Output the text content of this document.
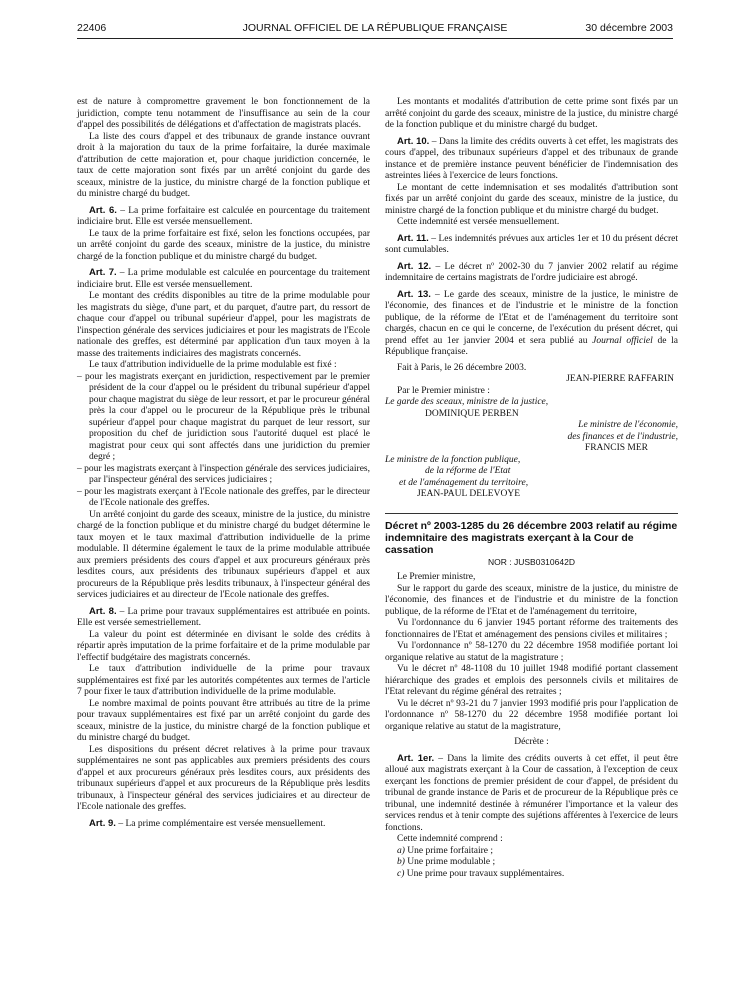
22406	JOURNAL OFFICIEL DE LA RÉPUBLIQUE FRANÇAISE	30 décembre 2003

est de nature à compromettre gravement le bon fonctionnement de la juridiction, compte tenu notamment de l'insuffisance au sein de la cour d'appel des possibilités de délégations et d'affectation de magistrats placés.

La liste des cours d'appel et des tribunaux de grande instance ouvrant droit à la majoration du taux de la prime forfaitaire, la durée maximale d'attribution de cette majoration et, pour chaque juridiction concernée, le taux de cette majoration sont fixés par un arrêté conjoint du garde des sceaux, ministre de la justice, du ministre chargé de la fonction publique et du ministre chargé du budget.

Art. 6. – La prime forfaitaire est calculée en pourcentage du traitement indiciaire brut. Elle est versée mensuellement.

Le taux de la prime forfaitaire est fixé, selon les fonctions occupées, par un arrêté conjoint du garde des sceaux, ministre de la justice, du ministre chargé de la fonction publique et du ministre chargé du budget.

Art. 7. – La prime modulable est calculée en pourcentage du traitement indiciaire brut. Elle est versée mensuellement.

Le montant des crédits disponibles au titre de la prime modulable pour les magistrats du siège, d'une part, et du parquet, d'autre part, du ressort de chaque cour d'appel ou tribunal supérieur d'appel, pour les magistrats de l'inspection générale des services judiciaires et pour les magistrats de l'Ecole nationale des greffes, est déterminé par application d'un taux moyen à la masse des traitements indiciaires des magistrats concernés.

Le taux d'attribution individuelle de la prime modulable est fixé :

– pour les magistrats exerçant en juridiction, respectivement par le premier président de la cour d'appel ou le président du tribunal supérieur d'appel pour chaque magistrat du siège de leur ressort, et par le procureur général près la cour d'appel ou le procureur de la République près le tribunal supérieur d'appel pour chaque magistrat du parquet de leur ressort, sur proposition du chef de juridiction sous l'autorité duquel est placé le magistrat pour ceux qui sont affectés dans une juridiction du premier degré ;
– pour les magistrats exerçant à l'inspection générale des services judiciaires, par l'inspecteur général des services judiciaires ;
– pour les magistrats exerçant à l'Ecole nationale des greffes, par le directeur de l'Ecole nationale des greffes.

Un arrêté conjoint du garde des sceaux, ministre de la justice, du ministre chargé de la fonction publique et du ministre chargé du budget détermine le taux moyen et le taux maximal d'attribution individuelle de la prime modulable. Il détermine également le taux de la prime modulable attribuée aux premiers présidents des cours d'appel et aux procureurs généraux près lesdites cours, aux présidents des tribunaux supérieurs d'appel et aux procureurs de la République près lesdits tribunaux, à l'inspecteur général des services judiciaires et au directeur de l'Ecole nationale des greffes.

Art. 8. – La prime pour travaux supplémentaires est attribuée en points. Elle est versée semestriellement.

La valeur du point est déterminée en divisant le solde des crédits à répartir après imputation de la prime forfaitaire et de la prime modulable par l'effectif budgétaire des magistrats concernés.

Le taux d'attribution individuelle de la prime pour travaux supplémentaires est fixé par les autorités compétentes aux termes de l'article 7 pour fixer le taux d'attribution individuelle de la prime modulable.

Le nombre maximal de points pouvant être attribués au titre de la prime pour travaux supplémentaires est fixé par un arrêté conjoint du garde des sceaux, ministre de la justice, du ministre chargé de la fonction publique et du ministre chargé du budget.

Les dispositions du présent décret relatives à la prime pour travaux supplémentaires ne sont pas applicables aux premiers présidents des cours d'appel et aux procureurs généraux près lesdites cours, aux présidents des tribunaux supérieurs d'appel et aux procureurs de la République près lesdits tribunaux, à l'inspecteur général des services judiciaires et au directeur de l'Ecole nationale des greffes.

Art. 9. – La prime complémentaire est versée mensuellement.

Les montants et modalités d'attribution de cette prime sont fixés par un arrêté conjoint du garde des sceaux, ministre de la justice, du ministre chargé de la fonction publique et du ministre chargé du budget.

Art. 10. – Dans la limite des crédits ouverts à cet effet, les magistrats des cours d'appel, des tribunaux supérieurs d'appel et des tribunaux de grande instance et de première instance peuvent bénéficier de l'indemnisation des astreintes liées à l'exercice de leurs fonctions.

Le montant de cette indemnisation et ses modalités d'attribution sont fixés par un arrêté conjoint du garde des sceaux, ministre de la justice, du ministre chargé de la fonction publique et du ministre chargé du budget.

Cette indemnité est versée mensuellement.

Art. 11. – Les indemnités prévues aux articles 1er et 10 du présent décret sont cumulables.

Art. 12. – Le décret nº 2002-30 du 7 janvier 2002 relatif au régime indemnitaire de certains magistrats de l'ordre judiciaire est abrogé.

Art. 13. – Le garde des sceaux, ministre de la justice, le ministre de l'économie, des finances et de l'industrie et le ministre de la fonction publique, de la réforme de l'Etat et de l'aménagement du territoire sont chargés, chacun en ce qui le concerne, de l'exécution du présent décret, qui prend effet au 1er janvier 2004 et sera publié au Journal officiel de la République française.

Fait à Paris, le 26 décembre 2003.

JEAN-PIERRE RAFFARIN

Par le Premier ministre :

Le garde des sceaux, ministre de la justice,

DOMINIQUE PERBEN

Le ministre de l'économie,

des finances et de l'industrie,

FRANCIS MER

Le ministre de la fonction publique,

de la réforme de l'Etat

et de l'aménagement du territoire,

JEAN-PAUL DELEVOYE

Décret nº 2003-1285 du 26 décembre 2003 relatif au régime indemnitaire des magistrats exerçant à la Cour de cassation
NOR : JUSB0310642D

Le Premier ministre,

Sur le rapport du garde des sceaux, ministre de la justice, du ministre de l'économie, des finances et de l'industrie et du ministre de la fonction publique, de la réforme de l'Etat et de l'aménagement du territoire,

Vu l'ordonnance du 6 janvier 1945 portant réforme des traitements des fonctionnaires de l'Etat et aménagement des pensions civiles et militaires ;

Vu l'ordonnance nº 58-1270 du 22 décembre 1958 modifiée portant loi organique relative au statut de la magistrature ;

Vu le décret nº 48-1108 du 10 juillet 1948 modifié portant classement hiérarchique des grades et emplois des personnels civils et militaires de l'Etat relevant du régime général des retraites ;

Vu le décret nº 93-21 du 7 janvier 1993 modifié pris pour l'application de l'ordonnance nº 58-1270 du 22 décembre 1958 modifiée portant loi organique relative au statut de la magistrature,

Décrète :

Art. 1er. – Dans la limite des crédits ouverts à cet effet, il peut être alloué aux magistrats exerçant à la Cour de cassation, à l'exception de ceux exerçant les fonctions de premier président de cour d'appel, de président du tribunal de grande instance de Paris et de procureur de la République près ce tribunal, une indemnité destinée à rémunérer l'importance et la valeur des services rendus et à tenir compte des sujétions afférentes à l'exercice de leurs fonctions.

Cette indemnité comprend :

a) Une prime forfaitaire ;

b) Une prime modulable ;

c) Une prime pour travaux supplémentaires.
